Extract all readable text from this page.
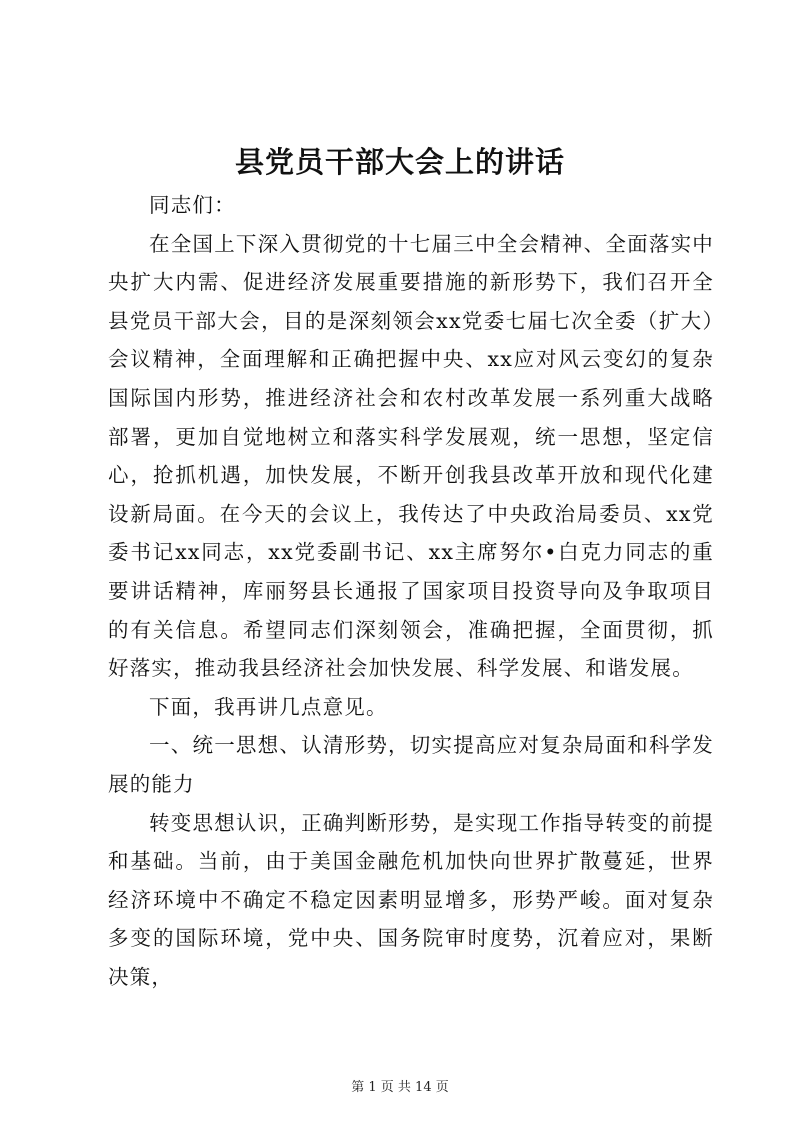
县党员干部大会上的讲话

同志们：

在全国上下深入贯彻党的十七届三中全会精神、全面落实中央扩大内需、促进经济发展重要措施的新形势下，我们召开全县党员干部大会，目的是深刻领会xx党委七届七次全委（扩大）会议精神，全面理解和正确把握中央、xx应对风云变幻的复杂国际国内形势，推进经济社会和农村改革发展一系列重大战略部署，更加自觉地树立和落实科学发展观，统一思想，坚定信心，抢抓机遇，加快发展，不断开创我县改革开放和现代化建设新局面。在今天的会议上，我传达了中央政治局委员、xx党委书记xx同志，xx党委副书记、xx主席努尔•白克力同志的重要讲话精神，库丽努县长通报了国家项目投资导向及争取项目的有关信息。希望同志们深刻领会，准确把握，全面贯彻，抓好落实，推动我县经济社会加快发展、科学发展、和谐发展。

下面，我再讲几点意见。

一、统一思想、认清形势，切实提高应对复杂局面和科学发展的能力

转变思想认识，正确判断形势，是实现工作指导转变的前提和基础。当前，由于美国金融危机加快向世界扩散蔓延，世界经济环境中不确定不稳定因素明显增多，形势严峻。面对复杂多变的国际环境，党中央、国务院审时度势，沉着应对，果断决策，

第 1 页 共 14 页
